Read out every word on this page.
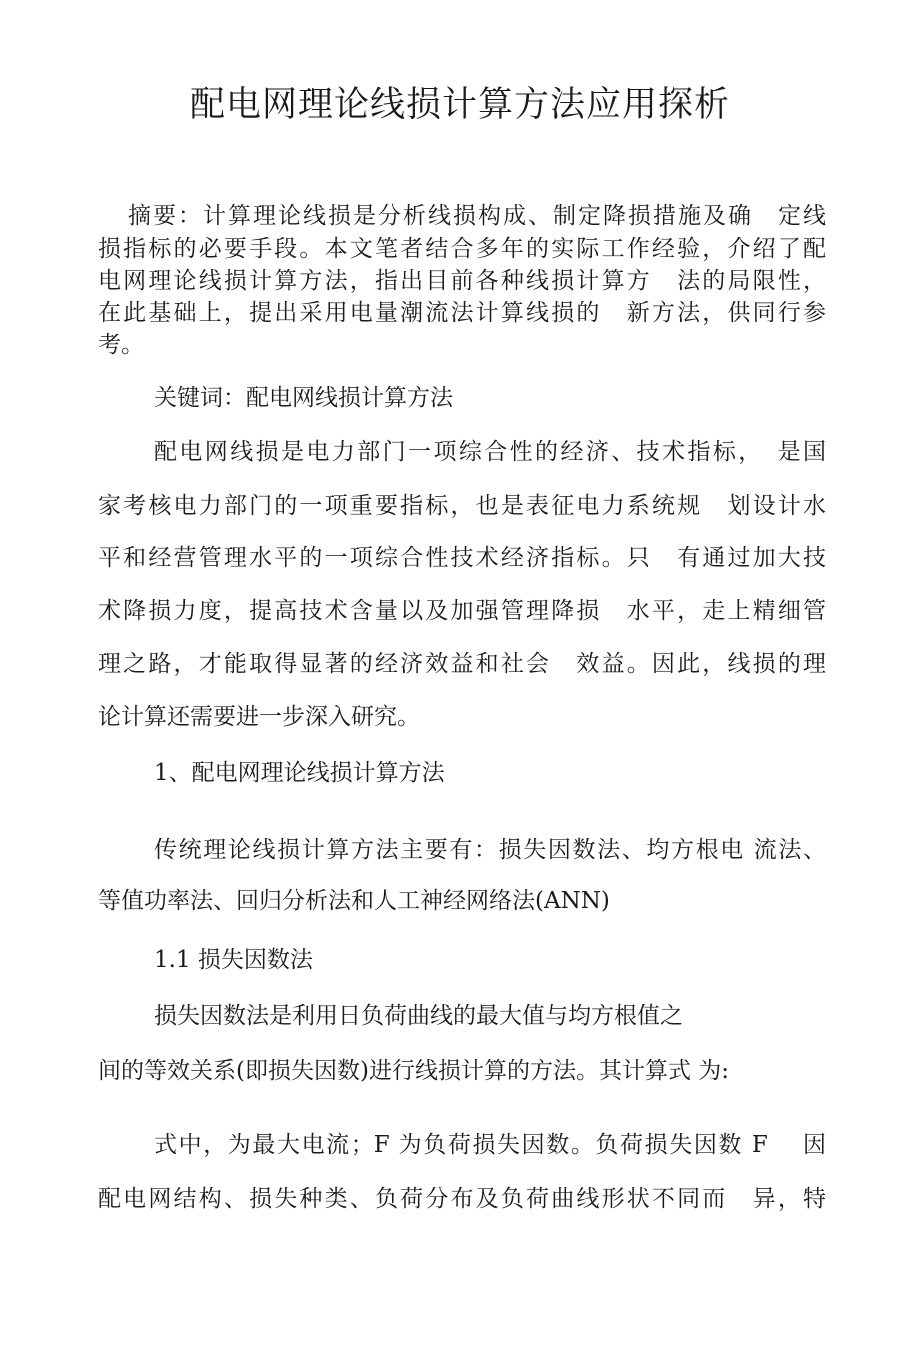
配电网理论线损计算方法应用探析

摘要：计算理论线损是分析线损构成、制定降损措施及确　定线

损指标的必要手段。本文笔者结合多年的实际工作经验，介绍了配

电网理论线损计算方法，指出目前各种线损计算方　法的局限性，

在此基础上，提出采用电量潮流法计算线损的　新方法，供同行参

考。

关键词：配电网线损计算方法

配电网线损是电力部门一项综合性的经济、技术指标，　是国

家考核电力部门的一项重要指标，也是表征电力系统规　划设计水

平和经营管理水平的一项综合性技术经济指标。只　有通过加大技

术降损力度，提高技术含量以及加强管理降损　水平，走上精细管

理之路，才能取得显著的经济效益和社会　效益。因此，线损的理

论计算还需要进一步深入研究。

1、配电网理论线损计算方法

传统理论线损计算方法主要有：损失因数法、均方根电 流法、

等值功率法、回归分析法和人工神经网络法(ANN)

1.1 损失因数法

损失因数法是利用日负荷曲线的最大值与均方根值之

间的等效关系(即损失因数)进行线损计算的方法。其计算式 为:

式中，为最大电流；F 为负荷损失因数。负荷损失因数 F　 因

配电网结构、损失种类、负荷分布及负荷曲线形状不同而　异，特
